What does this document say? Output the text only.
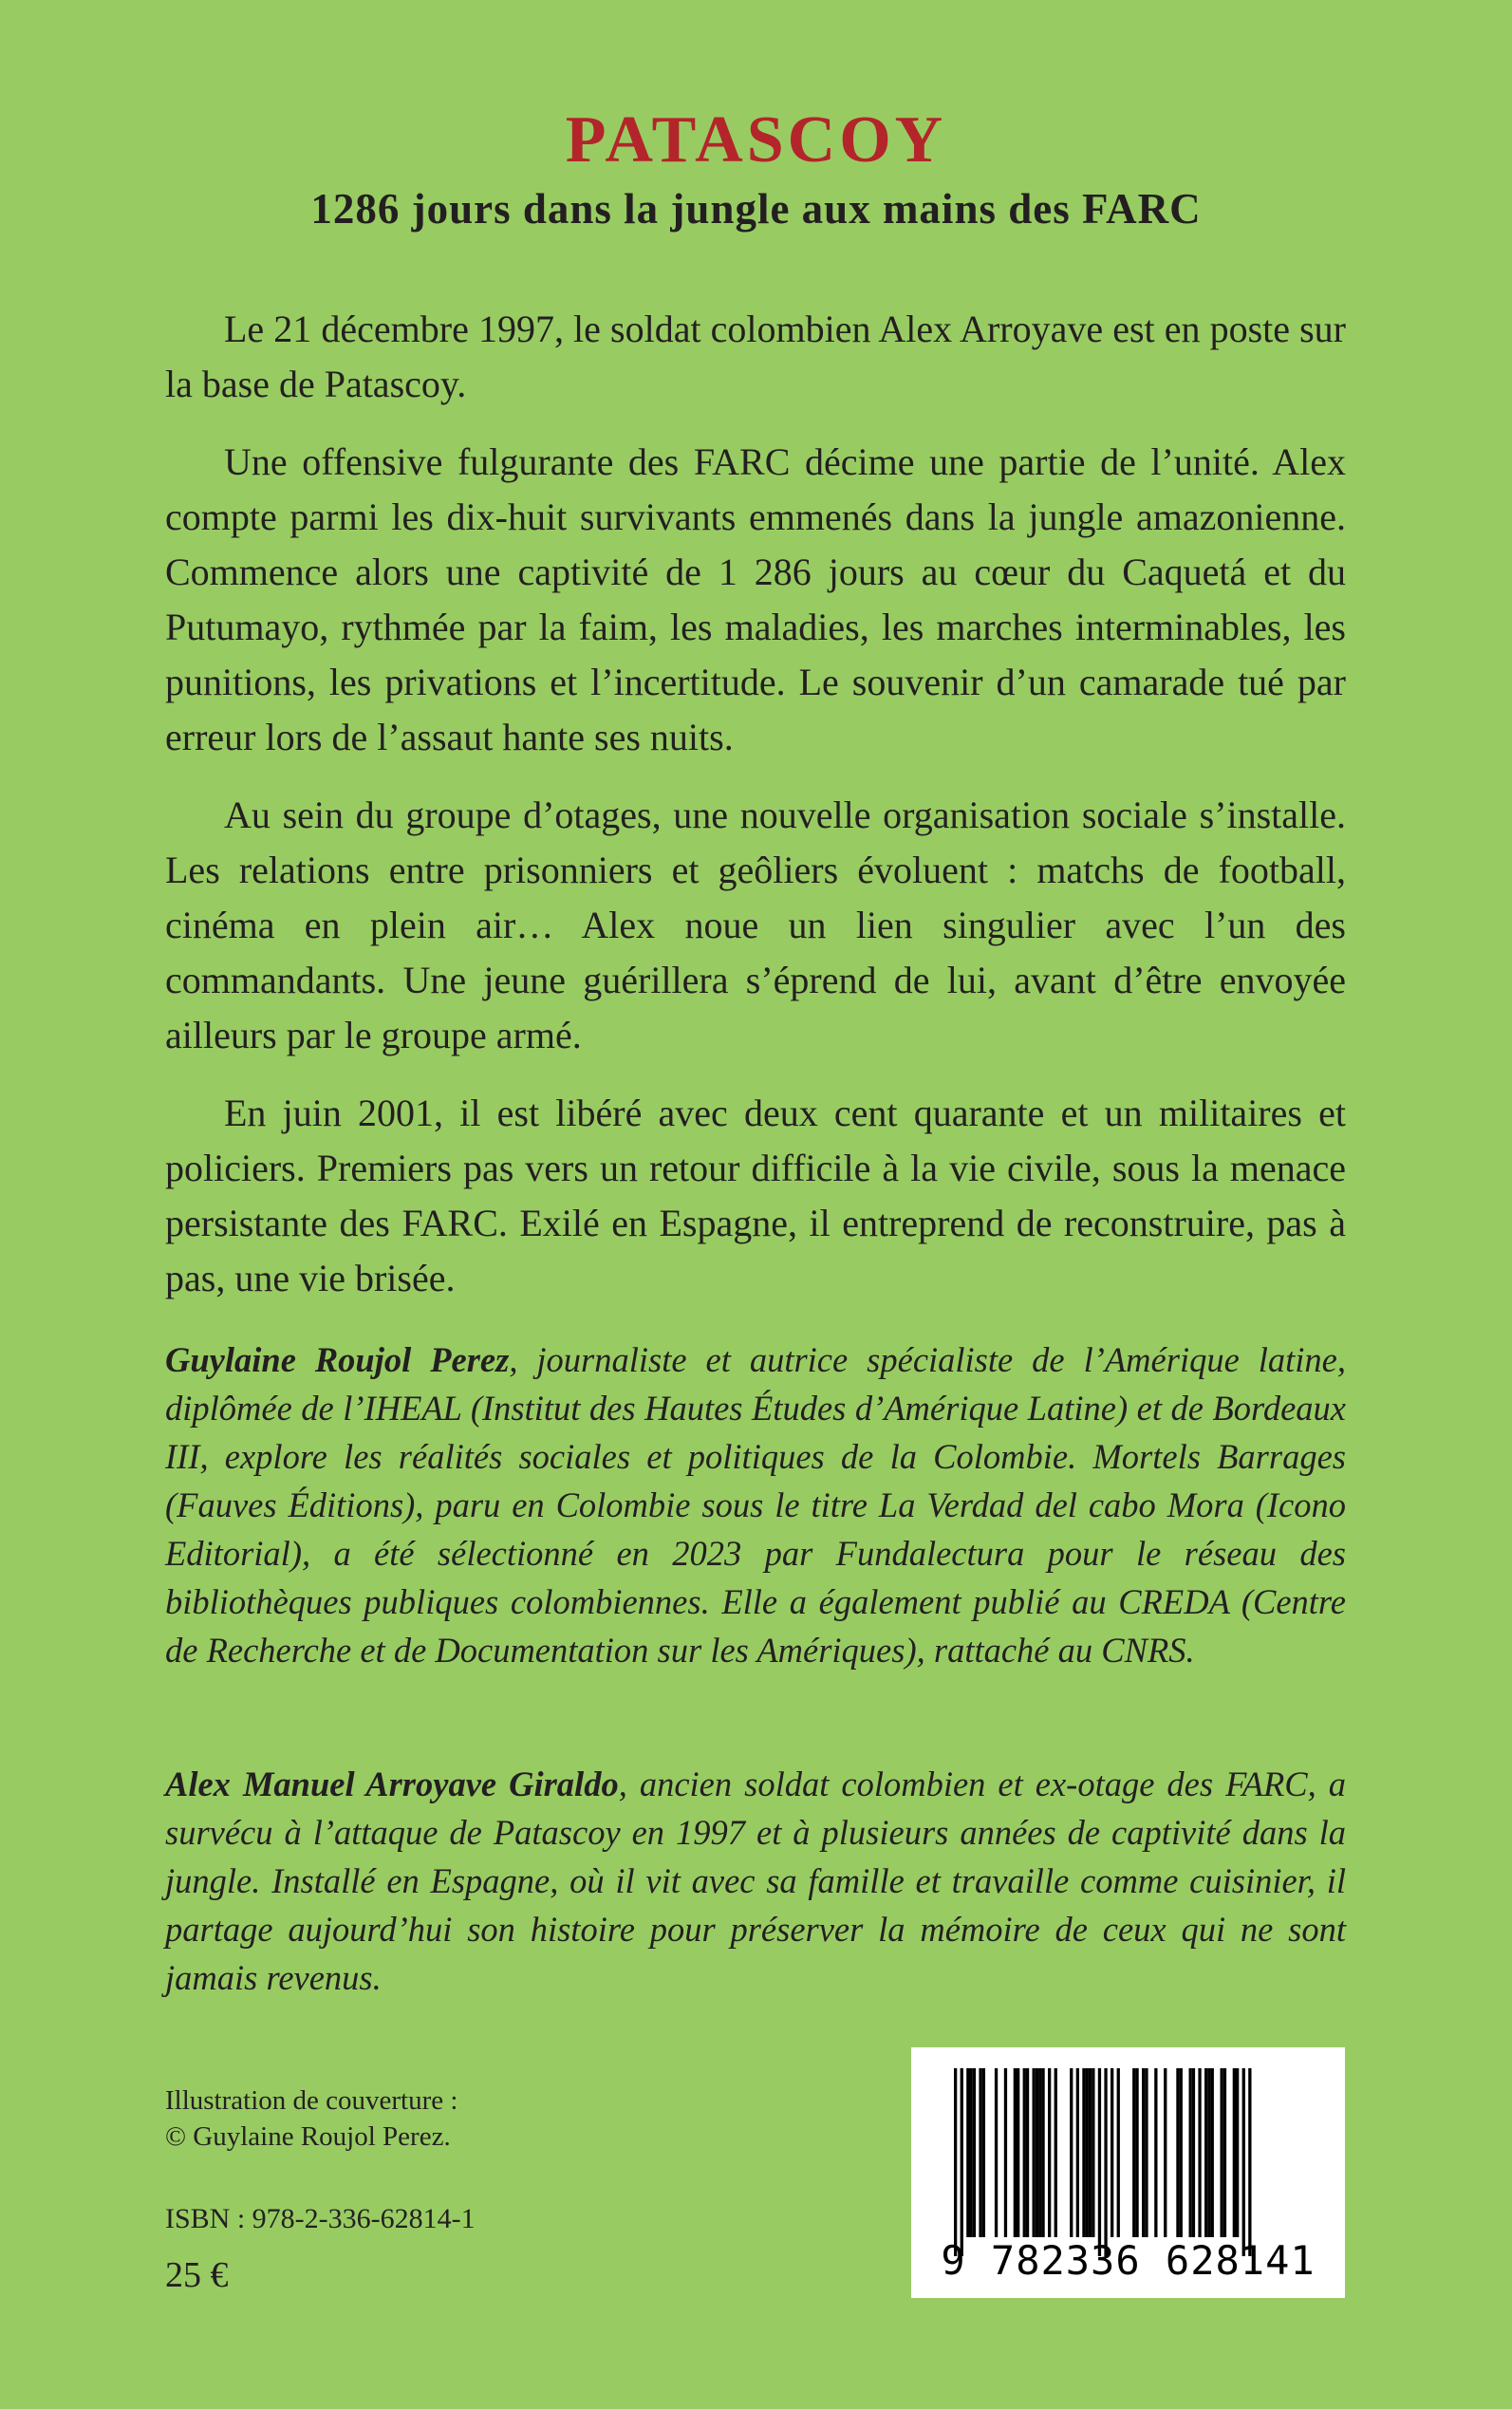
PATASCOY
1286 jours dans la jungle aux mains des FARC

Le 21 décembre 1997, le soldat colombien Alex Arroyave est en poste sur la base de Patascoy.

Une offensive fulgurante des FARC décime une partie de l’unité. Alex compte parmi les dix-huit survivants emmenés dans la jungle amazonienne. Commence alors une captivité de 1 286 jours au cœur du Caquetá et du Putumayo, rythmée par la faim, les maladies, les marches interminables, les punitions, les privations et l’incertitude. Le souvenir d’un camarade tué par erreur lors de l’assaut hante ses nuits.

Au sein du groupe d’otages, une nouvelle organisation sociale s’installe. Les relations entre prisonniers et geôliers évoluent : matchs de football, cinéma en plein air… Alex noue un lien singulier avec l’un des commandants. Une jeune guérillera s’éprend de lui, avant d’être envoyée ailleurs par le groupe armé.

En juin 2001, il est libéré avec deux cent quarante et un militaires et policiers. Premiers pas vers un retour difficile à la vie civile, sous la menace persistante des FARC. Exilé en Espagne, il entreprend de reconstruire, pas à pas, une vie brisée.

Guylaine Roujol Perez, journaliste et autrice spécialiste de l’Amérique latine, diplômée de l’IHEAL (Institut des Hautes Études d’Amérique Latine) et de Bordeaux III, explore les réalités sociales et politiques de la Colombie. Mortels Barrages (Fauves Éditions), paru en Colombie sous le titre La Verdad del cabo Mora (Icono Editorial), a été sélectionné en 2023 par Fundalectura pour le réseau des bibliothèques publiques colombiennes. Elle a également publié au CREDA (Centre de Recherche et de Documentation sur les Amériques), rattaché au CNRS.

Alex Manuel Arroyave Giraldo, ancien soldat colombien et ex-otage des FARC, a survécu à l’attaque de Patascoy en 1997 et à plusieurs années de captivité dans la jungle. Installé en Espagne, où il vit avec sa famille et travaille comme cuisinier, il partage aujourd’hui son histoire pour préserver la mémoire de ceux qui ne sont jamais revenus.

Illustration de couverture :
© Guylaine Roujol Perez.
ISBN : 978-2-336-62814-1
25 €	9 782336 628141
